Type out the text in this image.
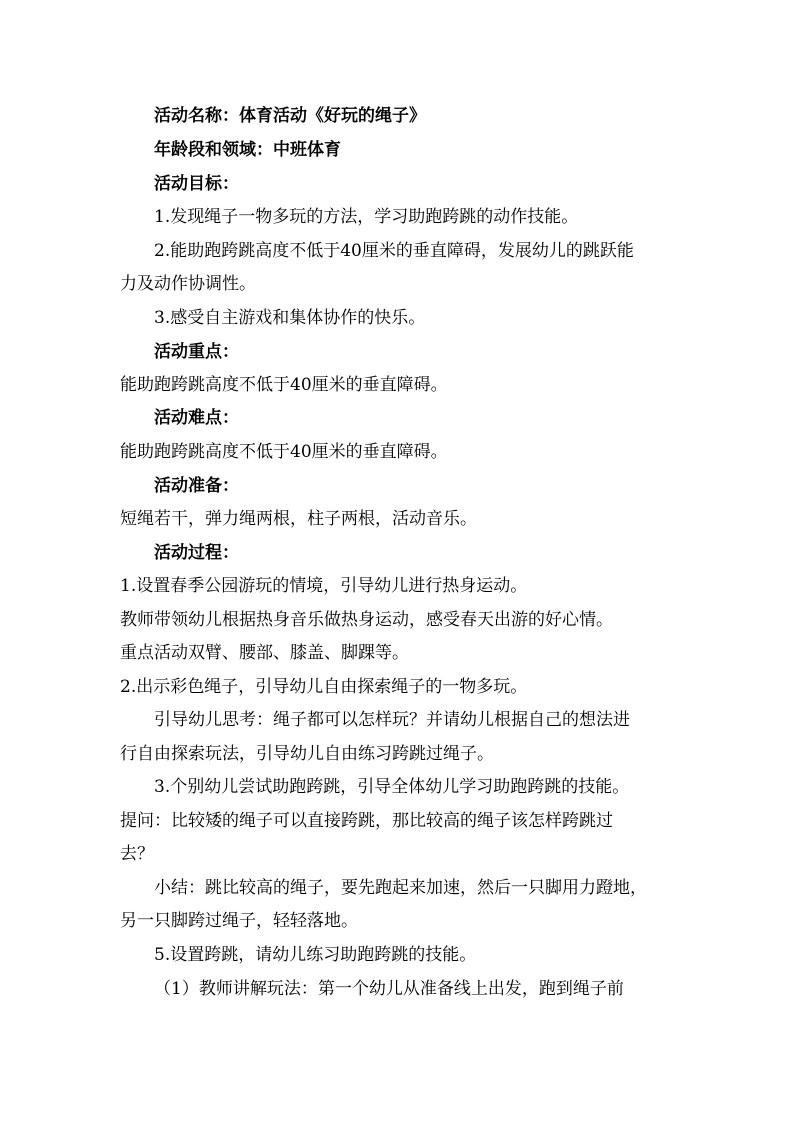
活动名称：体育活动《好玩的绳子》
年龄段和领域：中班体育
活动目标：
1.发现绳子一物多玩的方法，学习助跑跨跳的动作技能。
2.能助跑跨跳高度不低于40厘米的垂直障碍，发展幼儿的跳跃能
力及动作协调性。
3.感受自主游戏和集体协作的快乐。
活动重点：
能助跑跨跳高度不低于40厘米的垂直障碍。
活动难点：
能助跑跨跳高度不低于40厘米的垂直障碍。
活动准备：
短绳若干，弹力绳两根，柱子两根，活动音乐。
活动过程：
1.设置春季公园游玩的情境，引导幼儿进行热身运动。
教师带领幼儿根据热身音乐做热身运动，感受春天出游的好心情。
重点活动双臂、腰部、膝盖、脚踝等。
2.出示彩色绳子，引导幼儿自由探索绳子的一物多玩。
引导幼儿思考：绳子都可以怎样玩？并请幼儿根据自己的想法进
行自由探索玩法，引导幼儿自由练习跨跳过绳子。
3.个别幼儿尝试助跑跨跳，引导全体幼儿学习助跑跨跳的技能。
提问：比较矮的绳子可以直接跨跳，那比较高的绳子该怎样跨跳过
去？
小结：跳比较高的绳子，要先跑起来加速，然后一只脚用力蹬地，
另一只脚跨过绳子，轻轻落地。
5.设置跨跳，请幼儿练习助跑跨跳的技能。
（1）教师讲解玩法：第一个幼儿从准备线上出发，跑到绳子前
